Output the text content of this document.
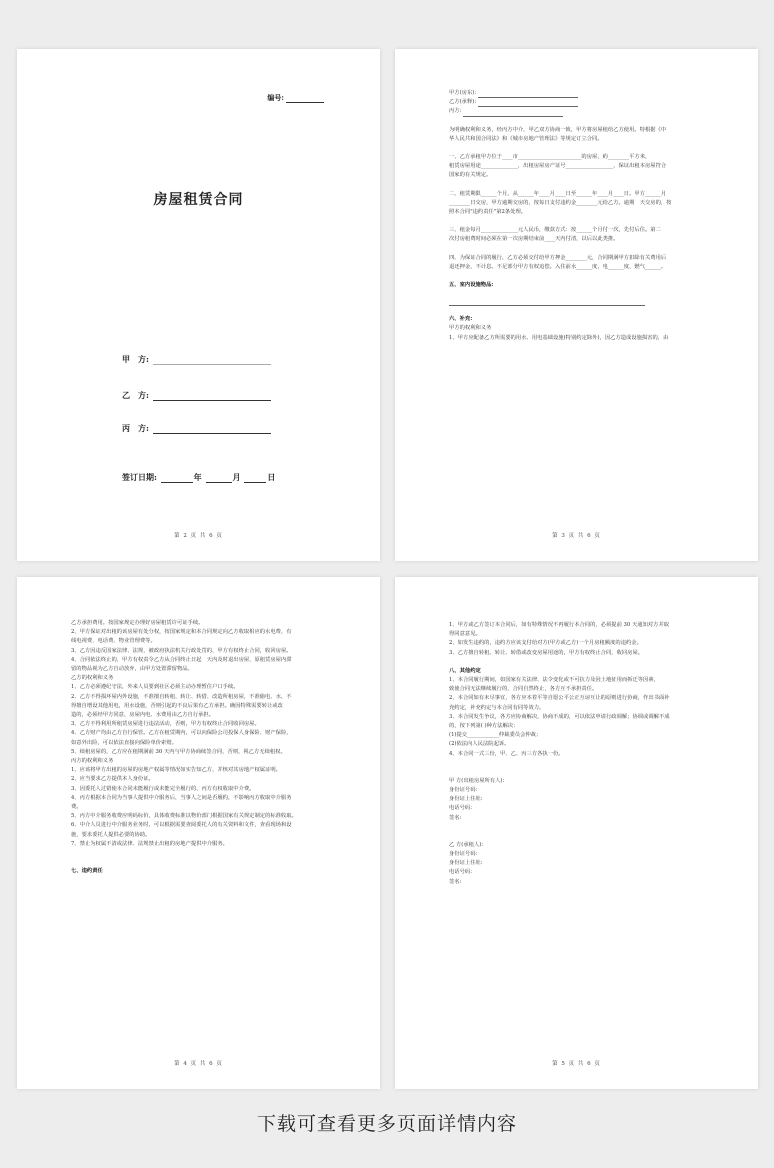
编号:
房屋租赁合同
甲　方:
乙　方:
丙　方:
签订日期:	年	月	日
第 2 页 共 6 页

甲方(房东):

乙方(承释):

丙方:

为明确权利和义务，经丙方中介，甲乙双方协商一致，甲方将房屋租给乙方使用。特根据《中

华人民共和国合同法》和《城市房地产管理法》等规定订立合同。

一、乙方承租甲方位于____市________________________的房屋，約________平方米，

租赁房屋用途______________，出租房屋房产证号__________________，保证出租本房屋符合

国家的有关规定。

二、租赁期限______个月，从______年____月____日至______年____月____日。甲方______月

________日交房，甲方逾期交房的，按每日支付违约金________元给乙方。逾期　天交房的，按

照本合同"违约责任"第2条处理。

三、租金每月______________元人民币，缴款方式：按______个月付一次，先付后住。第二

次付房租费时间必须在第一次房期结束前____天内付清，以后以此类推。

四、为保证合同的履行，乙方必须交付给甲方押金________元，合同期满甲方扣除有关费用后

退还押金，不计息。不足部分甲方有权追偿。入住前水______度，电______度，燃气______。

五、室内设施物品:

六、补充:

甲方的权利和义务

1、甲方应配备乙方所需要的用水、用电基础设施(特别约定除外)，因乙方造成设施损害的，由

第 3 页 共 6 页

乙方承担费用。按国家规定办理好房屋租赁许可证手续。

2、甲方保证对出租的该房屋有处分权，按国家规定和本合同规定向乙方收取相应的水电费、有

线电视费、电话费、物业管理费等。

3、乙方因违反国家法律、法规，被政府执法机关行政处罚的，甲方有权终止合同，收回房屋。

4、合同依法终止的，甲方有权责令乙方从合同终止日起　天内及时退出房屋，原租赁房屋内滞

留的物品视为乙方自动放弃，由甲方处置滞留物品。

乙方的权利和义务

1、乙方必须遵纪守法，外来人员要到社区必须主动办理暂住户口手续。

2、乙方不得损坏屋内外设施，不准擅自转租、转让、转借、改造所租房屋，不准偷电、水，不

得擅自增设其他用电，用水设施，否则引起的不良后果有乙方承担。确因特殊需要转让或改

造的，必须经甲方同意，房屋内电、水费用由乙方自行承担。

3、乙方不得利用所租赁房屋进行违法活动，否则，甲方有权终止合同收回房屋。

4、乙方财产均由乙方自行保管。乙方在租赁期内，可以向保险公司投保人身保险、财产保险，

如意外出险，可以依法直接向保险单价索赔。

5、续租房屋的，乙方应在租期满前 30 天内与甲方协商续签合同，否则，视乙方无续租权。

丙方的权利和义务

1、应该将甲方出租的房屋的房地产权属等情况如实告知乙方，并核对其房地产权属证明。

2、应当要求乙方提供本人身份证。

3、因委托人过错使本合同未能履行或未能完全履行的，丙方有权收取中介费。

4、丙方根据本合同为当事人提供中介服务后，当事人之间是否履约，不影响丙方收取中介服务

费。

5、丙方中介服务收费应明码标价，具体收费标准以物价部门根据国家有关规定制定的标准收取。

6、中介人员进行中介服务业务时，可以根据需要查阅委托人的有关资料和文件，查看现场和设

施，要求委托人提供必要的协助。

7、禁止为权属不清或法律、法规禁止出租的房地产提供中介服务。

七、违约责任

第 4 页 共 6 页

1、甲方或乙方签订本合同后，如有特殊情况不再履行本合同的，必须提前 30 天通知对方并取

得同意意见。

2、如发生违约的，违约方应该支付给对方(甲方或乙方)一个月房租额度的违约金。

3、乙方擅自转租、转让、转借或改变房屋用途的，甲方有权终止合同，收回房屋。

八、其他约定

1、本合同履行期间，如国家有关法律、法令变化或不可抗力及因土地征用而拆迁等因素，

致使合同无法继续履行的，合同自然终止，各方互不承担责任。

2、本合同如有未尽事宜，各方应本着平等自愿公平公正互谅互让的原则进行协商，作出书面补

充约定，补充约定与本合同有同等效力。

3、本合同发生争议，各方应协商解决，协商不成的，可以依法申请行政调解；协调或调解不成

的，按下列第( )种方法解决：

(1)提交____________仲裁委员会仲裁；

(2)依法向人民法院起诉。

4、本合同一式三份，甲、乙、丙三方各执一份。

甲 方(出租房屋所有人):

身份证号码:

身份证上住址:

电话号码:

签名:

乙 方(承租人):

身份证号码:

身份证上住址:

电话号码:

签名:

第 5 页 共 6 页
下载可查看更多页面详情内容
